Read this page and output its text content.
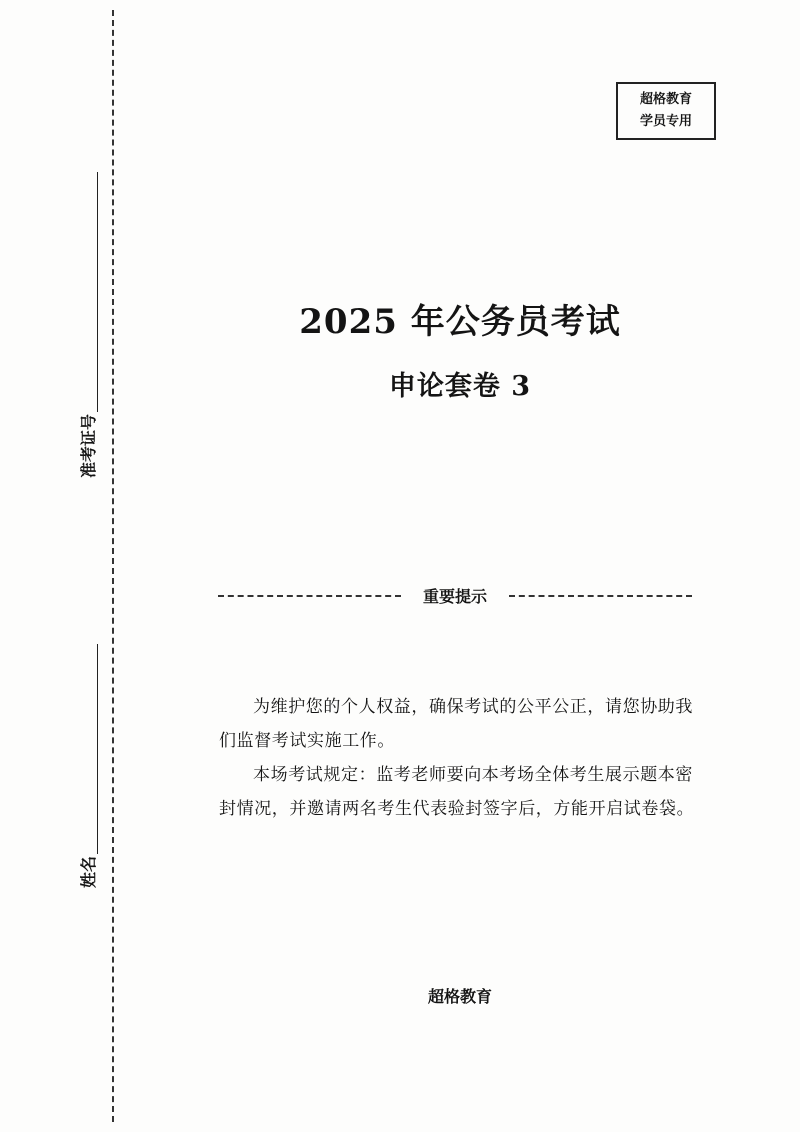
准考证号
姓名
超格教育
学员专用
2025 年公务员考试
申论套卷 3
重要提示

为维护您的个人权益，确保考试的公平公正，请您协助我们监督考试实施工作。

本场考试规定：监考老师要向本考场全体考生展示题本密封情况，并邀请两名考生代表验封签字后，方能开启试卷袋。

超格教育
